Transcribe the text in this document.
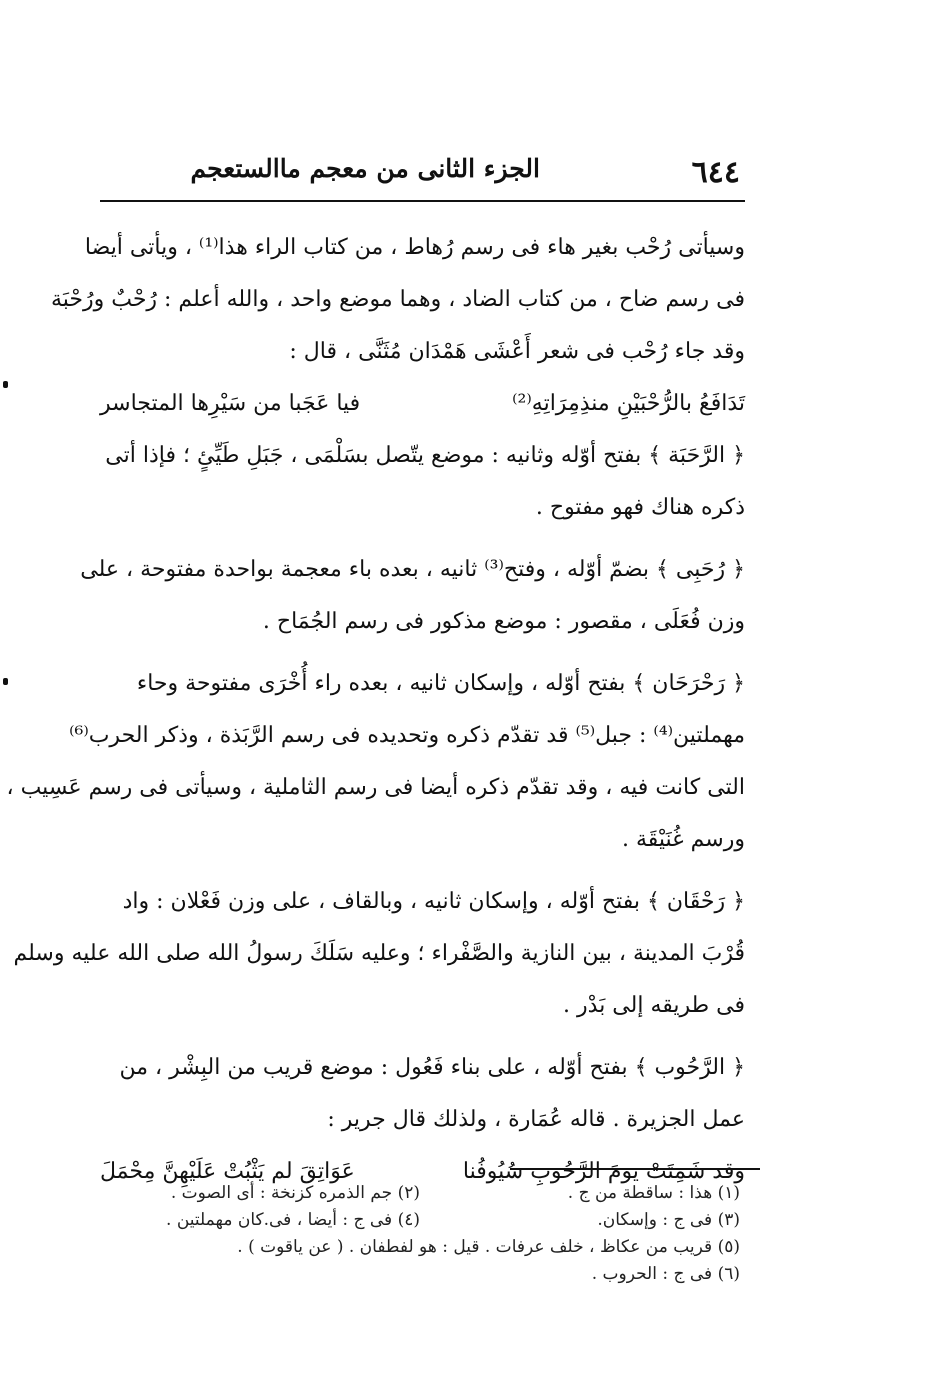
٦٤٤
الجزء الثانى من معجم ماالستعجم
وسيأتى رُحْب بغير هاء فى رسم رُهاط ، من كتاب الراء هذا⁽¹⁾ ، ويأتى أيضا
فى رسم ضاح ، من كتاب الضاد ، وهما موضع واحد ، والله أعلم : رُحْبٌ ورُحْبَة
وقد جاء رُحْب فى شعر أَعْشَى هَمْدَان مُثَنَّى ، قال :
تَدَافَعُ بالرُّحْبَيْنِ منذِمِرَاتِهِ⁽²⁾
فيا عَجَبا من سَيْرِها المتجاسر
﴿ الرَّحَبَة ﴾ بفتح أوّله وثانيه : موضع يتّصل بسَلْمَى ، جَبَلِ طَيِّئٍ ؛ فإذا أتى
ذكره هناك فهو مفتوح .
﴿ رُحَبِى ﴾ بضمّ أوّله ، وفتح⁽³⁾ ثانيه ، بعده باء معجمة بواحدة مفتوحة ، على
وزن فُعَلَى ، مقصور : موضع مذكور فى رسم الجُمَاح .
﴿ رَحْرَحَان ﴾ بفتح أوّله ، وإسكان ثانيه ، بعده راء أُخْرَى مفتوحة وحاء
مهملتين⁽⁴⁾ : جبل⁽⁵⁾ قد تقدّم ذكره وتحديده فى رسم الرَّبَذة ، وذكر الحرب⁽⁶⁾
التى كانت فيه ، وقد تقدّم ذكره أيضا فى رسم الثاملية ، وسيأتى فى رسم عَسِيب ،
ورسم غُنَيْقَة .
﴿ رَحْقَان ﴾ بفتح أوّله ، وإسكان ثانيه ، وبالقاف ، على وزن فَعْلان : واد
قُرْبَ المدينة ، بين النازية والصَّفْراء ؛ وعليه سَلَكَ رسولُ الله صلى الله عليه وسلم
فى طريقه إلى بَدْر .
﴿ الرَّحُوب ﴾ بفتح أوّله ، على بناء فَعُول : موضع قريب من البِشْر ، من
عمل الجزيرة . قاله عُمَارة ، ولذلك قال جرير :
وقد شَمِتَتْ يومَ الرَّحُوبِ سُيُوفُنا
عَوَاتِقَ لم يَثْبُتْ عَلَيْهِنَّ مِحْمَلَ
(١) هذا : ساقطة من ج .
(٢) جم الذمره كزنخة : أى الصوت .
(٣) فى ج : وإسكان.
(٤) فى ج : أيضا ، فى.كان مهملتين .
(٥) قريب من عكاظ ، خلف عرفات . قيل : هو لفطفان . ( عن ياقوت ) .
(٦) فى ج : الحروب .
